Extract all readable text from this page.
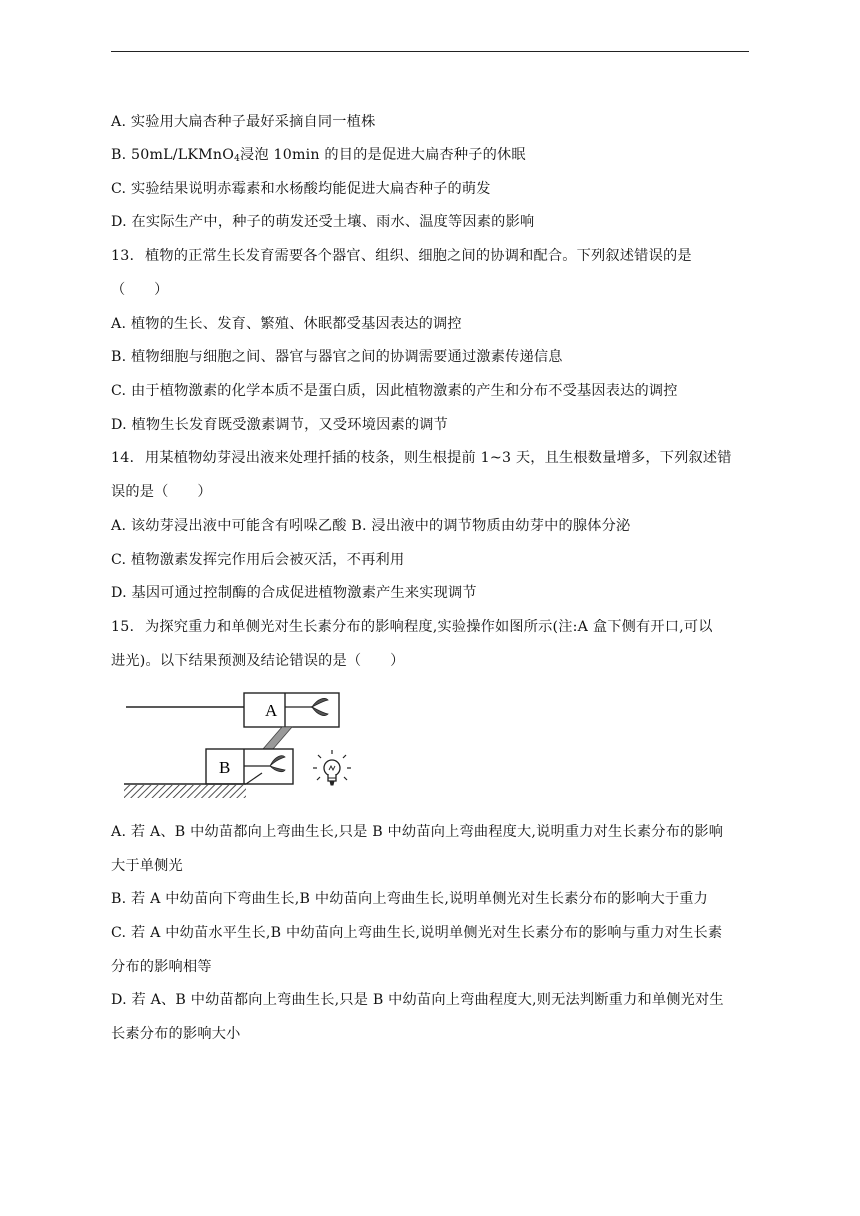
A. 实验用大扁杏种子最好采摘自同一植株
B. 50mL/LKMnO$_4$浸泡 10min 的目的是促进大扁杏种子的休眠
C. 实验结果说明赤霉素和水杨酸均能促进大扁杏种子的萌发
D. 在实际生产中，种子的萌发还受土壤、雨水、温度等因素的影响
13. 植物的正常生长发育需要各个器官、组织、细胞之间的协调和配合。下列叙述错误的是
（　　）
A. 植物的生长、发育、繁殖、休眠都受基因表达的调控
B. 植物细胞与细胞之间、器官与器官之间的协调需要通过激素传递信息
C. 由于植物激素的化学本质不是蛋白质，因此植物激素的产生和分布不受基因表达的调控
D. 植物生长发育既受激素调节，又受环境因素的调节
14. 用某植物幼芽浸出液来处理扦插的枝条，则生根提前 1~3 天，且生根数量增多，下列叙述错
误的是（　　）
A. 该幼芽浸出液中可能含有吲哚乙酸 B. 浸出液中的调节物质由幼芽中的腺体分泌
C. 植物激素发挥完作用后会被灭活，不再利用
D. 基因可通过控制酶的合成促进植物激素产生来实现调节
15. 为探究重力和单侧光对生长素分布的影响程度,实验操作如图所示(注:A 盒下侧有开口,可以
进光)。以下结果预测及结论错误的是（　　）
A
B
A. 若 A、B 中幼苗都向上弯曲生长,只是 B 中幼苗向上弯曲程度大,说明重力对生长素分布的影响
大于单侧光
B. 若 A 中幼苗向下弯曲生长,B 中幼苗向上弯曲生长,说明单侧光对生长素分布的影响大于重力
C. 若 A 中幼苗水平生长,B 中幼苗向上弯曲生长,说明单侧光对生长素分布的影响与重力对生长素
分布的影响相等
D. 若 A、B 中幼苗都向上弯曲生长,只是 B 中幼苗向上弯曲程度大,则无法判断重力和单侧光对生
长素分布的影响大小
